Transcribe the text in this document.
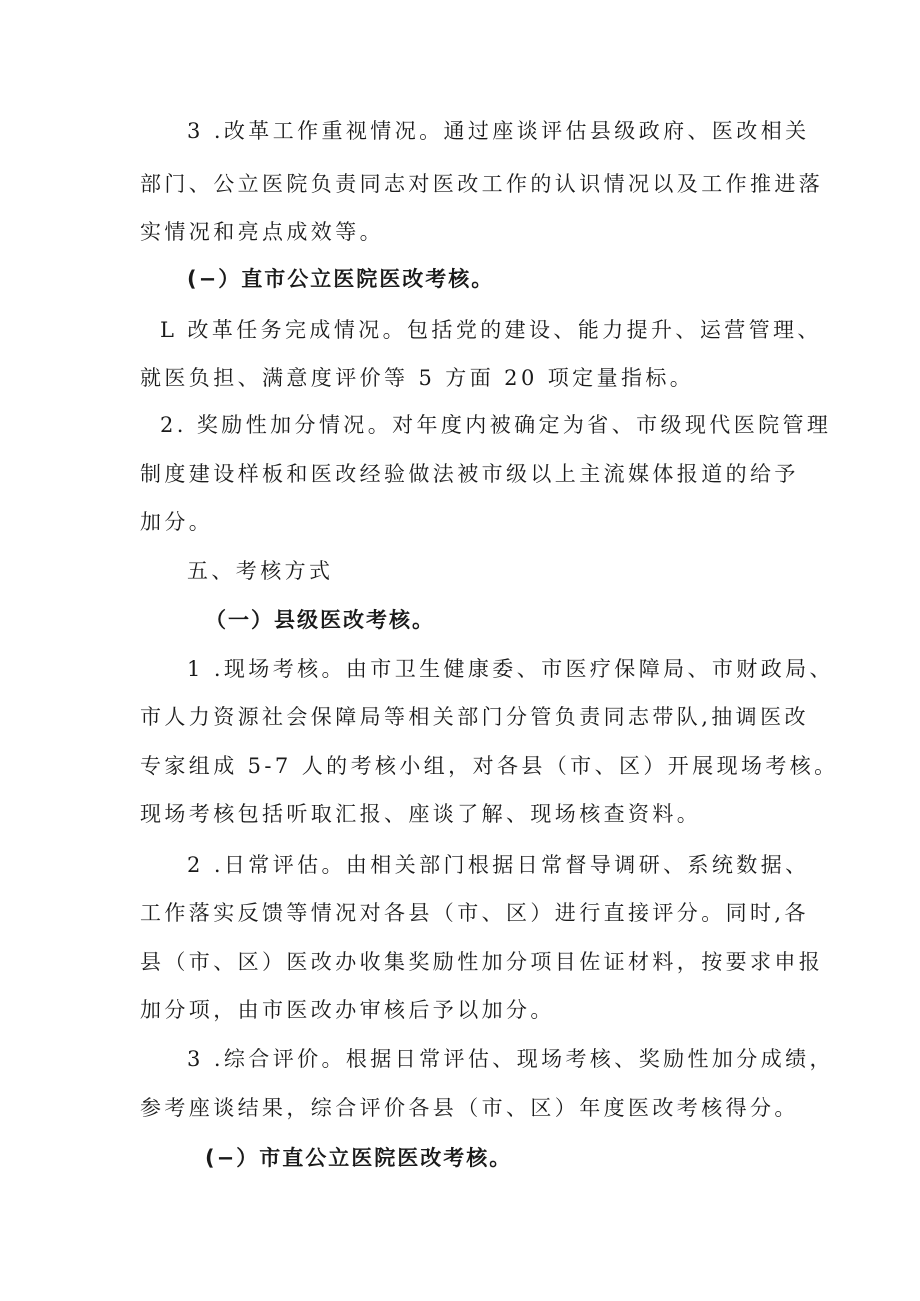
3 .改革工作重视情况。通过座谈评估县级政府、医改相关
部门、公立医院负责同志对医改工作的认识情况以及工作推进落
实情况和亮点成效等。
(−）直市公立医院医改考核。
L 改革任务完成情况。包括党的建设、能力提升、运营管理、
就医负担、满意度评价等 5 方面 20 项定量指标。
2. 奖励性加分情况。对年度内被确定为省、市级现代医院管理
制度建设样板和医改经验做法被市级以上主流媒体报道的给予
加分。
五、考核方式
（一）县级医改考核。
1 .现场考核。由市卫生健康委、市医疗保障局、市财政局、
市人力资源社会保障局等相关部门分管负责同志带队,抽调医改
专家组成 5-7 人的考核小组，对各县（市、区）开展现场考核。
现场考核包括听取汇报、座谈了解、现场核查资料。
2 .日常评估。由相关部门根据日常督导调研、系统数据、
工作落实反馈等情况对各县（市、区）进行直接评分。同时,各
县（市、区）医改办收集奖励性加分项目佐证材料，按要求申报
加分项，由市医改办审核后予以加分。
3 .综合评价。根据日常评估、现场考核、奖励性加分成绩，
参考座谈结果，综合评价各县（市、区）年度医改考核得分。
(−）市直公立医院医改考核。
